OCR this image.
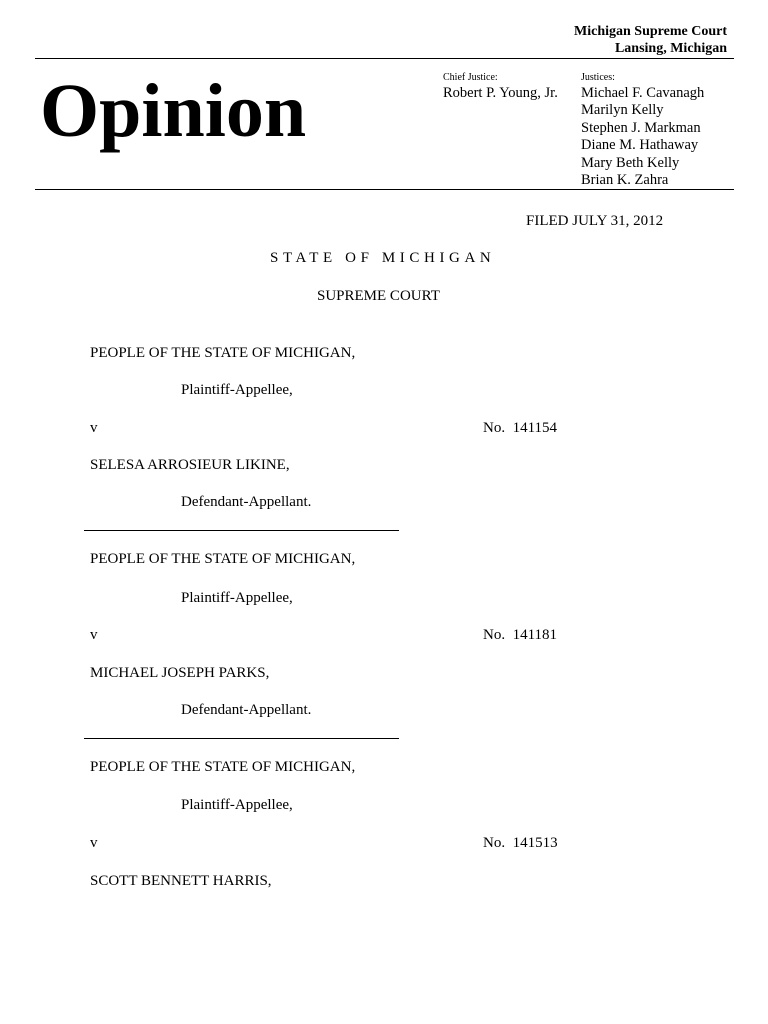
Michigan Supreme Court
Lansing, Michigan
Opinion	Chief Justice:
Robert P. Young, Jr.
Justices:
Michael F. Cavanagh
Marilyn Kelly
Stephen J. Markman
Diane M. Hathaway
Mary Beth Kelly
Brian K. Zahra
FILED JULY 31, 2012
STATE OF MICHIGAN
SUPREME COURT
PEOPLE OF THE STATE OF MICHIGAN,
Plaintiff-Appellee,
v	No.  141154
SELESA ARROSIEUR LIKINE,
Defendant-Appellant.
PEOPLE OF THE STATE OF MICHIGAN,
Plaintiff-Appellee,
v	No.  141181
MICHAEL JOSEPH PARKS,
Defendant-Appellant.
PEOPLE OF THE STATE OF MICHIGAN,
Plaintiff-Appellee,
v	No.  141513
SCOTT BENNETT HARRIS,
